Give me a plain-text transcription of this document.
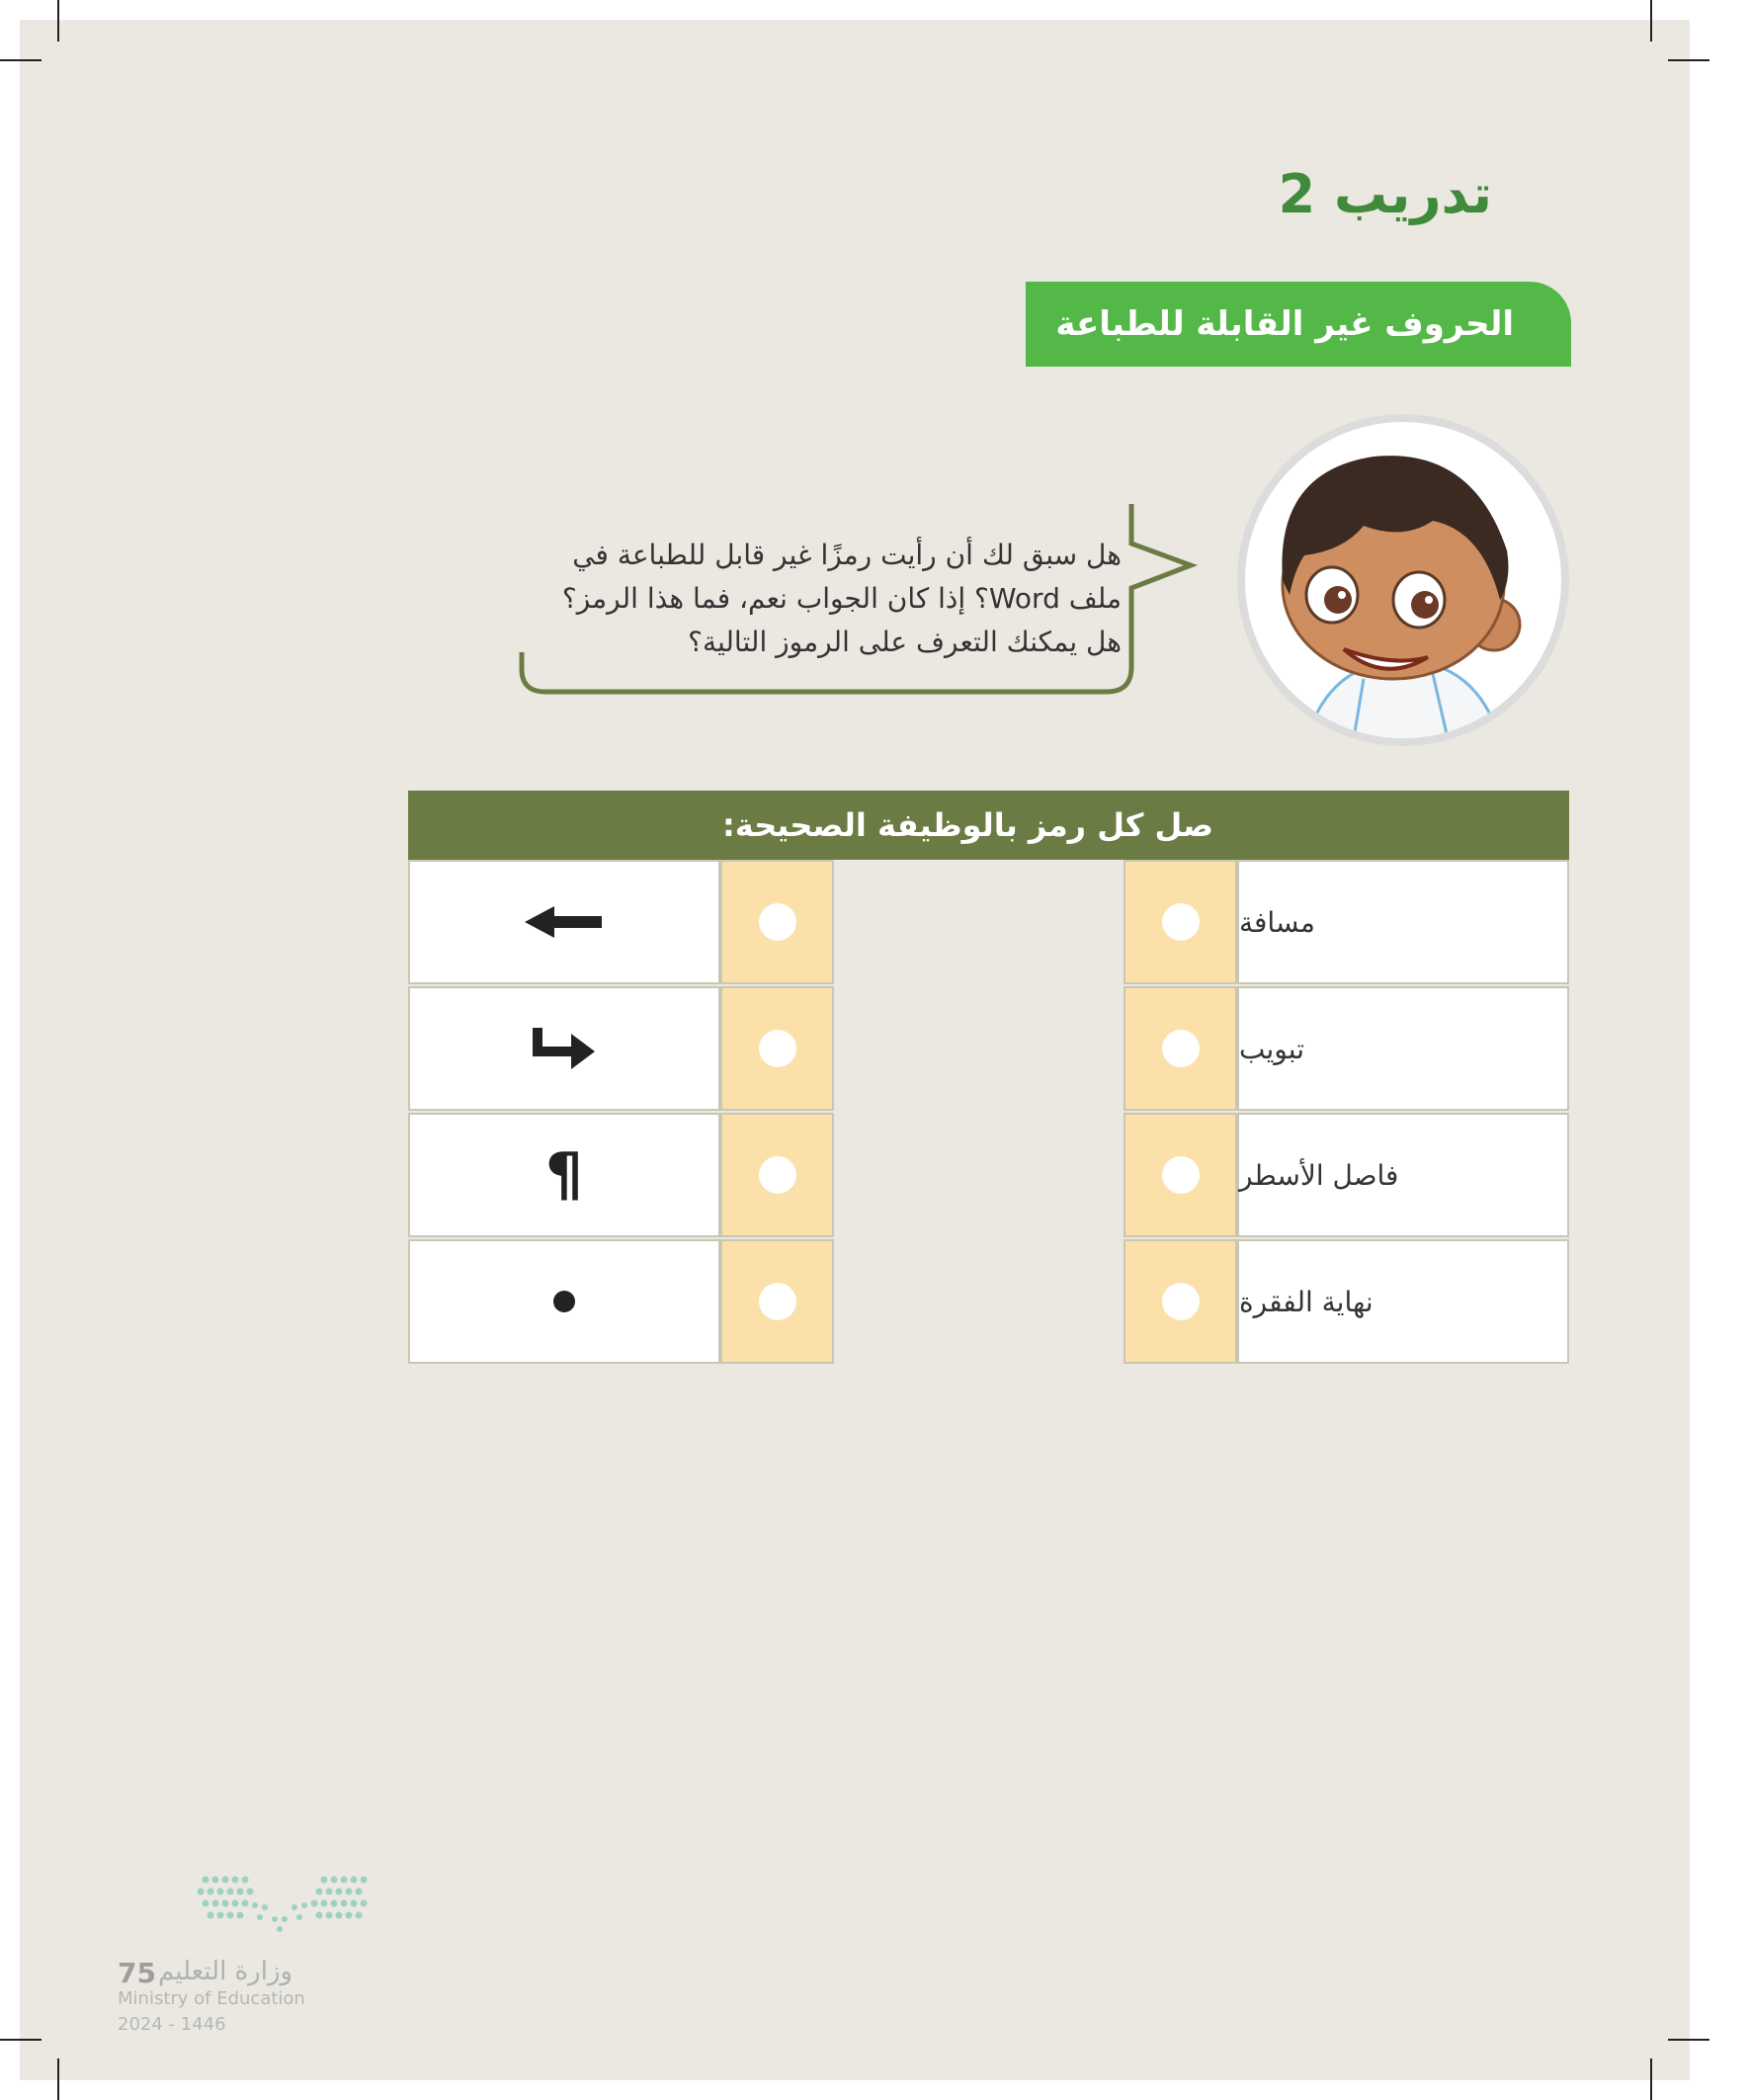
تدريب 2
الحروف غير القابلة للطباعة
هل سبق لك أن رأيت رمزًا غير قابل للطباعة في
ملف Word؟ إذا كان الجواب نعم، فما هذا الرمز؟
هل يمكنك التعرف على الرموز التالية؟
صل كل رمز بالوظيفة الصحيحة:
مسافة
تبويب
فاصل الأسطر
نهاية الفقرة
¶
75 وزارة التعليم
Ministry of Education
2024 - 1446
